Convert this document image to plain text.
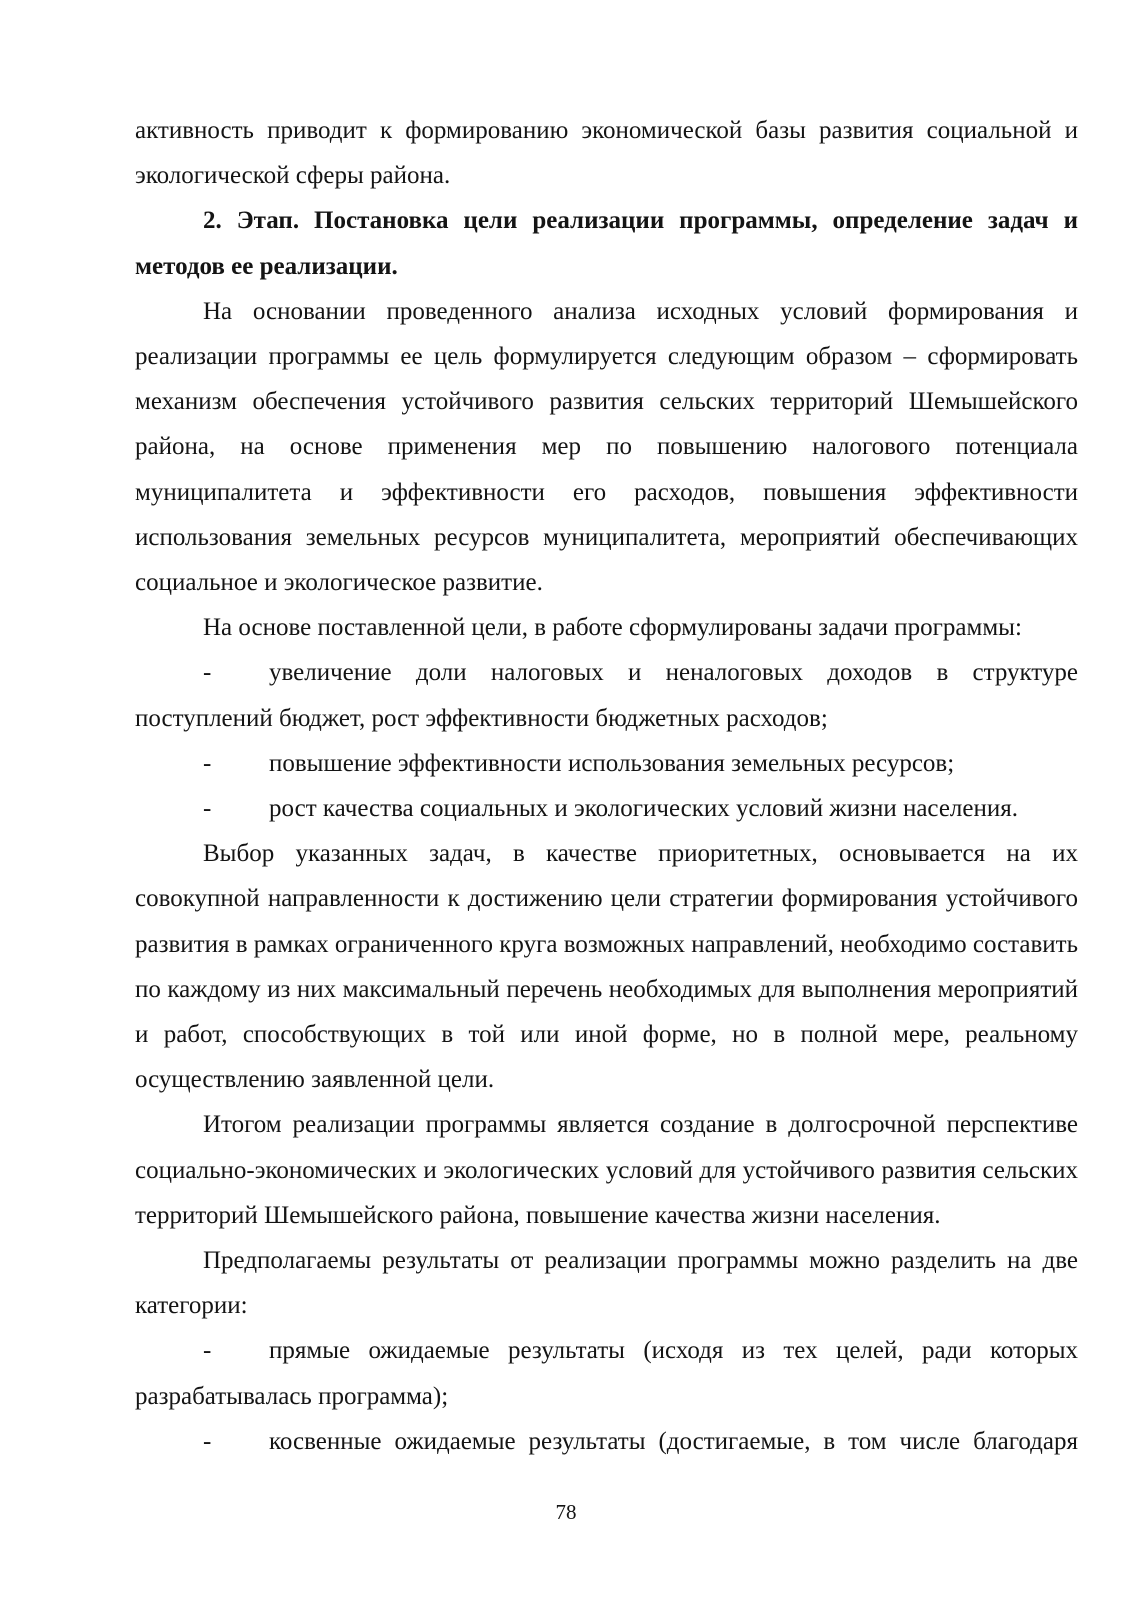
активность приводит к формированию экономической базы развития социальной и экологической сферы района.

2. Этап. Постановка цели реализации программы, определение задач и методов ее реализации.

На основании проведенного анализа исходных условий формирования и реализации программы ее цель формулируется следующим образом – сформировать механизм обеспечения устойчивого развития сельских территорий Шемышейского района, на основе применения мер по повышению налогового потенциала муниципалитета и эффективности его расходов, повышения эффективности использования земельных ресурсов муниципалитета, мероприятий обеспечивающих социальное и экологическое развитие.

На основе поставленной цели, в работе сформулированы задачи программы:

- увеличение доли налоговых и неналоговых доходов в структуре поступлений бюджет, рост эффективности бюджетных расходов;

- повышение эффективности использования земельных ресурсов;

- рост качества социальных и экологических условий жизни населения.

Выбор указанных задач, в качестве приоритетных, основывается на их совокупной направленности к достижению цели стратегии формирования устойчивого развития в рамках ограниченного круга возможных направлений, необходимо составить по каждому из них максимальный перечень необходимых для выполнения мероприятий и работ, способствующих в той или иной форме, но в полной мере, реальному осуществлению заявленной цели.

Итогом реализации программы является создание в долгосрочной перспективе социально-экономических и экологических условий для устойчивого развития сельских территорий Шемышейского района, повышение качества жизни населения.

Предполагаемы результаты от реализации программы можно разделить на две категории:

- прямые ожидаемые результаты (исходя из тех целей, ради которых разрабатывалась программа);

- косвенные ожидаемые результаты (достигаемые, в том числе благодаря

78
